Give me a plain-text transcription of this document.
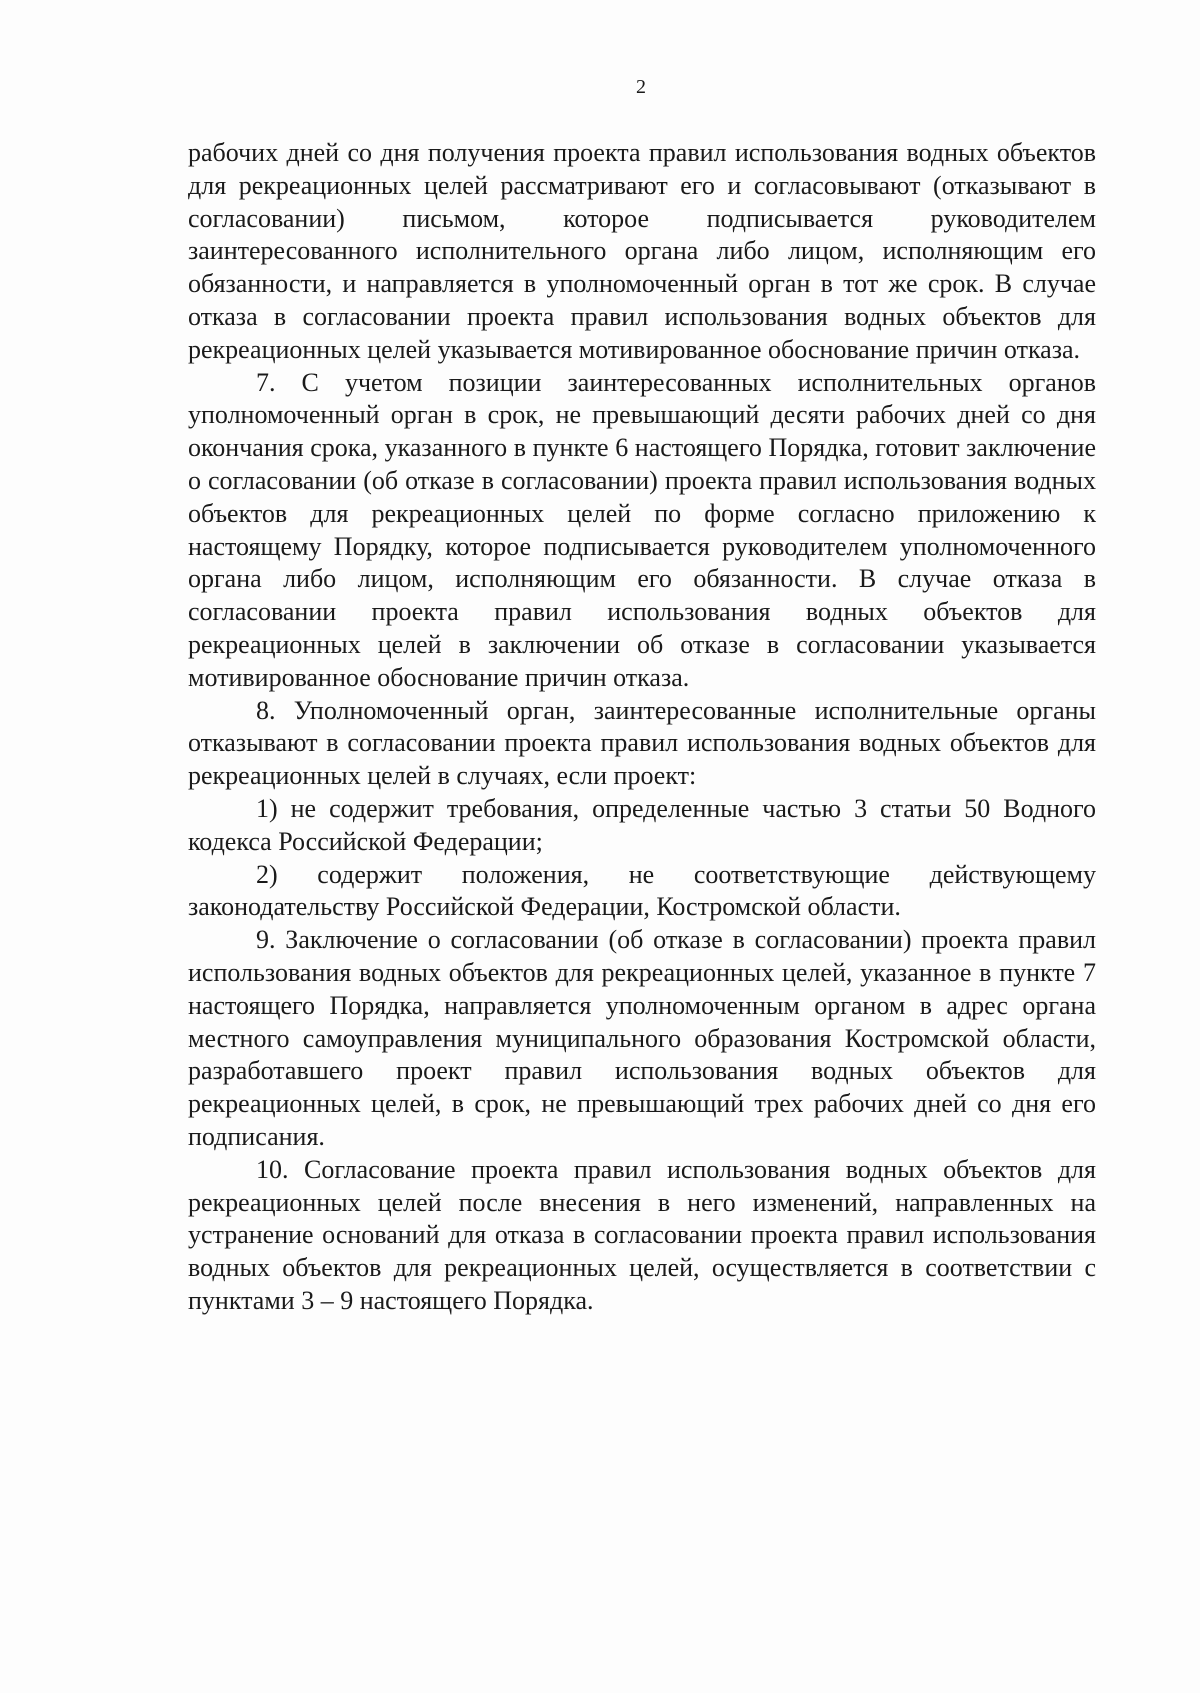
2

рабочих дней со дня получения проекта правил использования водных объектов для рекреационных целей рассматривают его и согласовывают (отказывают в согласовании) письмом, которое подписывается руководителем заинтересованного исполнительного органа либо лицом, исполняющим его обязанности, и направляется в уполномоченный орган в тот же срок. В случае отказа в согласовании проекта правил использования водных объектов для рекреационных целей указывается мотивированное обоснование причин отказа.

7. С учетом позиции заинтересованных исполнительных органов уполномоченный орган в срок, не превышающий десяти рабочих дней со дня окончания срока, указанного в пункте 6 настоящего Порядка, готовит заключение о согласовании (об отказе в согласовании) проекта правил использования водных объектов для рекреационных целей по форме согласно приложению к настоящему Порядку, которое подписывается руководителем уполномоченного органа либо лицом, исполняющим его обязанности. В случае отказа в согласовании проекта правил использования водных объектов для рекреационных целей в заключении об отказе в согласовании указывается мотивированное обоснование причин отказа.

8. Уполномоченный орган, заинтересованные исполнительные органы отказывают в согласовании проекта правил использования водных объектов для рекреационных целей в случаях, если проект:

1) не содержит требования, определенные частью 3 статьи 50 Водного кодекса Российской Федерации;

2) содержит положения, не соответствующие действующему законодательству Российской Федерации, Костромской области.

9. Заключение о согласовании (об отказе в согласовании) проекта правил использования водных объектов для рекреационных целей, указанное в пункте 7 настоящего Порядка, направляется уполномоченным органом в адрес органа местного самоуправления муниципального образования Костромской области, разработавшего проект правил использования водных объектов для рекреационных целей, в срок, не превышающий трех рабочих дней со дня его подписания.

10. Согласование проекта правил использования водных объектов для рекреационных целей после внесения в него изменений, направленных на устранение оснований для отказа в согласовании проекта правил использования водных объектов для рекреационных целей, осуществляется в соответствии с пунктами 3 – 9 настоящего Порядка.
